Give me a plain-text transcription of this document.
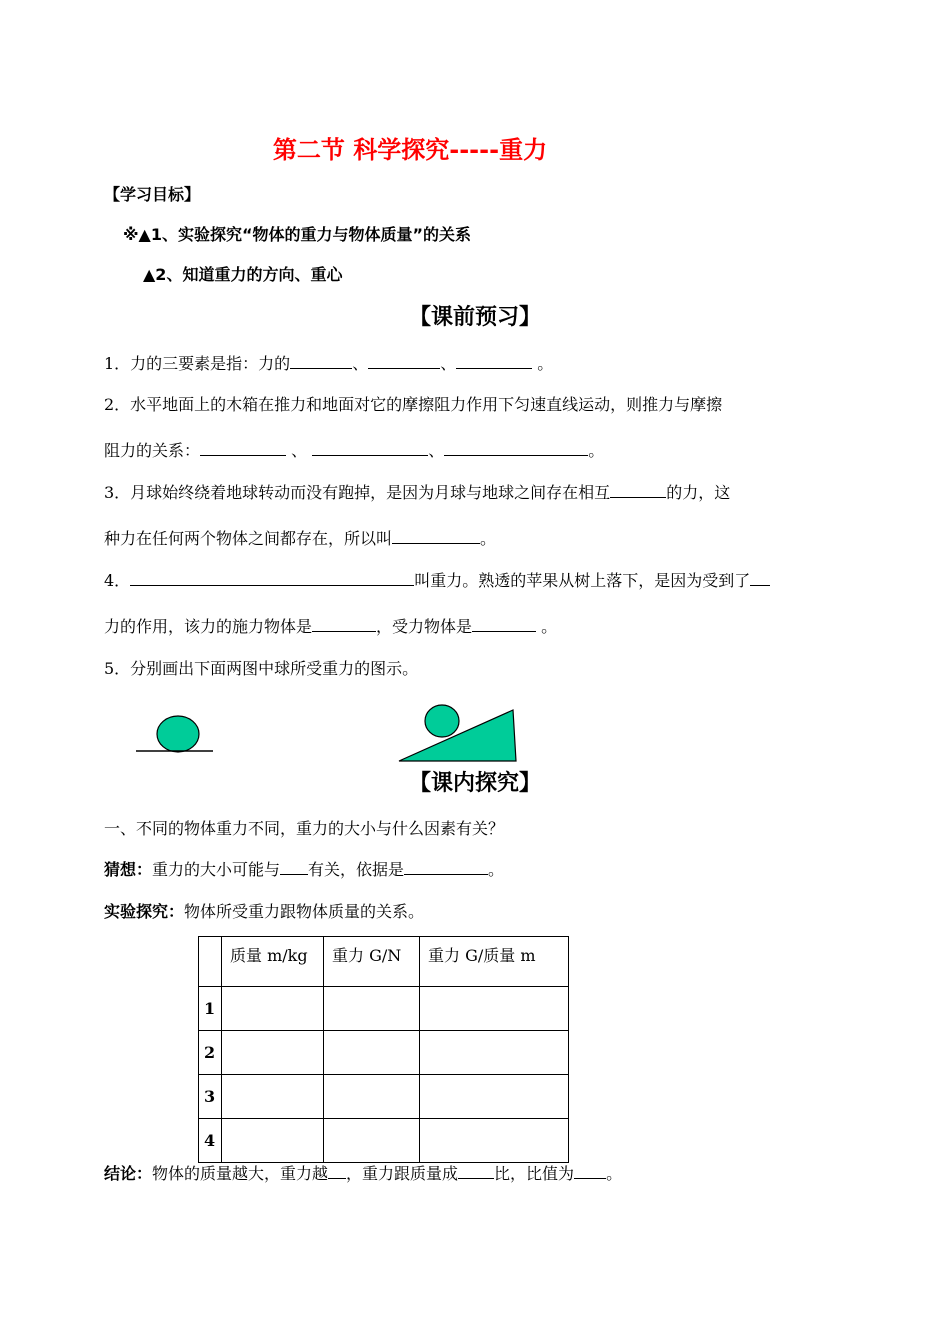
第二节 科学探究-----重力
【学习目标】
※▲1、实验探究“物体的重力与物体质量”的关系
▲2、知道重力的方向、重心
【课前预习】
1．力的三要素是指：力的	、	、	。
2．水平地面上的木箱在推力和地面对它的摩擦阻力作用下匀速直线运动，则推力与摩擦
阻力的关系：	、	、	。
3．月球始终绕着地球转动而没有跑掉，是因为月球与地球之间存在相互	的力，这
种力在任何两个物体之间都存在，所以叫	。
4．	叫重力。熟透的苹果从树上落下，是因为受到了
力的作用，该力的施力物体是	，受力物体是	。
5．分别画出下面两图中球所受重力的图示。
【课内探究】
一、不同的物体重力不同，重力的大小与什么因素有关？
猜想：重力的大小可能与 有关，依据是	。
实验探究：物体所受重力跟物体质量的关系。
	质量 m/kg	重力 G/N	重力 G/质量 m
1			
2			
3			
4			
结论：物体的质量越大，重力越 ，重力跟质量成 比，比值为 。
